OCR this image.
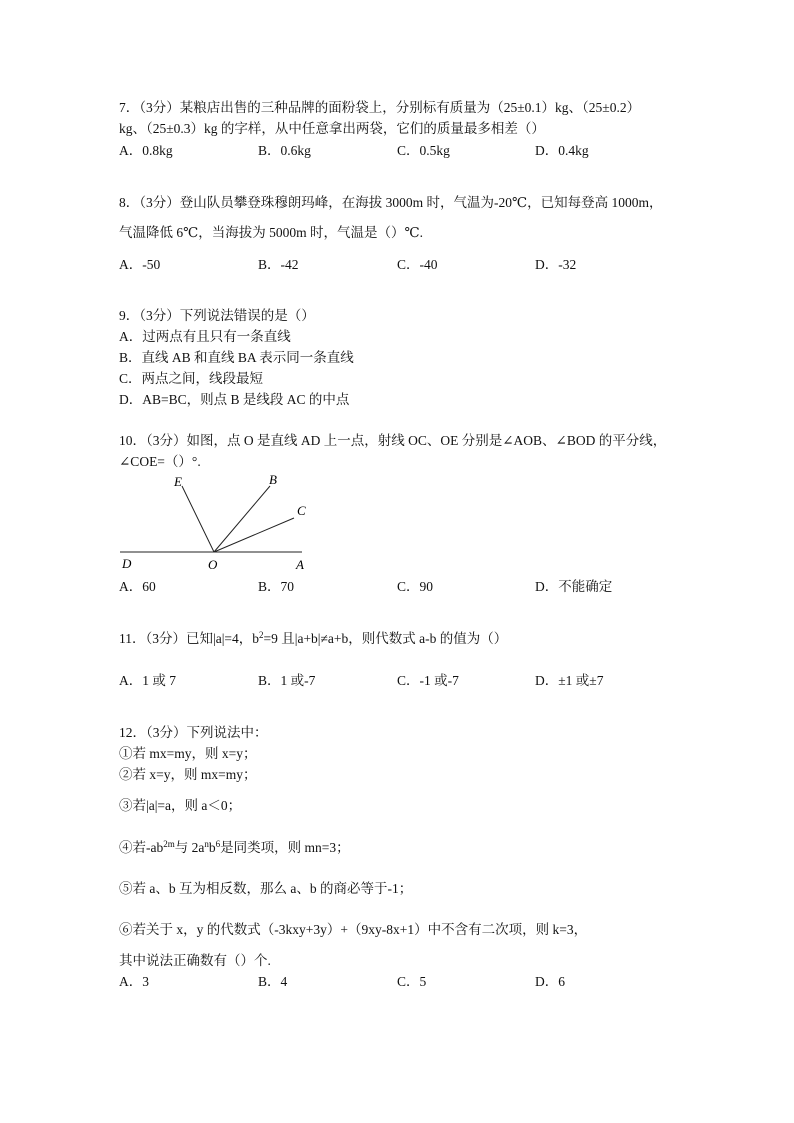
7．（3分）某粮店出售的三种品牌的面粉袋上，分别标有质量为（25±0.1）kg、（25±0.2）
kg、（25±0.3）kg 的字样，从中任意拿出两袋，它们的质量最多相差（）
A．0.8kg	B．0.6kg	C．0.5kg	D．0.4kg
8．（3分）登山队员攀登珠穆朗玛峰，在海拔 3000m 时，气温为-20℃，已知每登高 1000m，
气温降低 6℃，当海拔为 5000m 时，气温是（）℃.
A．-50	B．-42	C．-40	D．-32
9．（3分）下列说法错误的是（）
A．过两点有且只有一条直线
B．直线 AB 和直线 BA 表示同一条直线
C．两点之间，线段最短
D．AB=BC，则点 B 是线段 AC 的中点
10．（3分）如图，点 O 是直线 AD 上一点，射线 OC、OE 分别是∠AOB、∠BOD 的平分线，
∠COE=（）°.
E	B
C
D	O	A
A．60	B．70	C．90	D．不能确定
11．（3分）已知|a|=4，$b^2=9$ 且|a+b|≠a+b，则代数式 a-b 的值为（）
A．1 或 7	B．1 或-7	C．-1 或-7	D．±1 或±7
12．（3分）下列说法中：
①若 mx=my，则 x=y；
②若 x=y，则 mx=my；
③若|a|=a，则 a＜0；
④若$-ab^{2m}$与 $2a^nb^6$是同类项，则 mn=3；
⑤若 a、b 互为相反数，那么 a、b 的商必等于-1；
⑥若关于 x，y 的代数式（-3kxy+3y）+（9xy-8x+1）中不含有二次项，则 k=3，
其中说法正确数有（）个.
A．3	B．4	C．5	D．6
